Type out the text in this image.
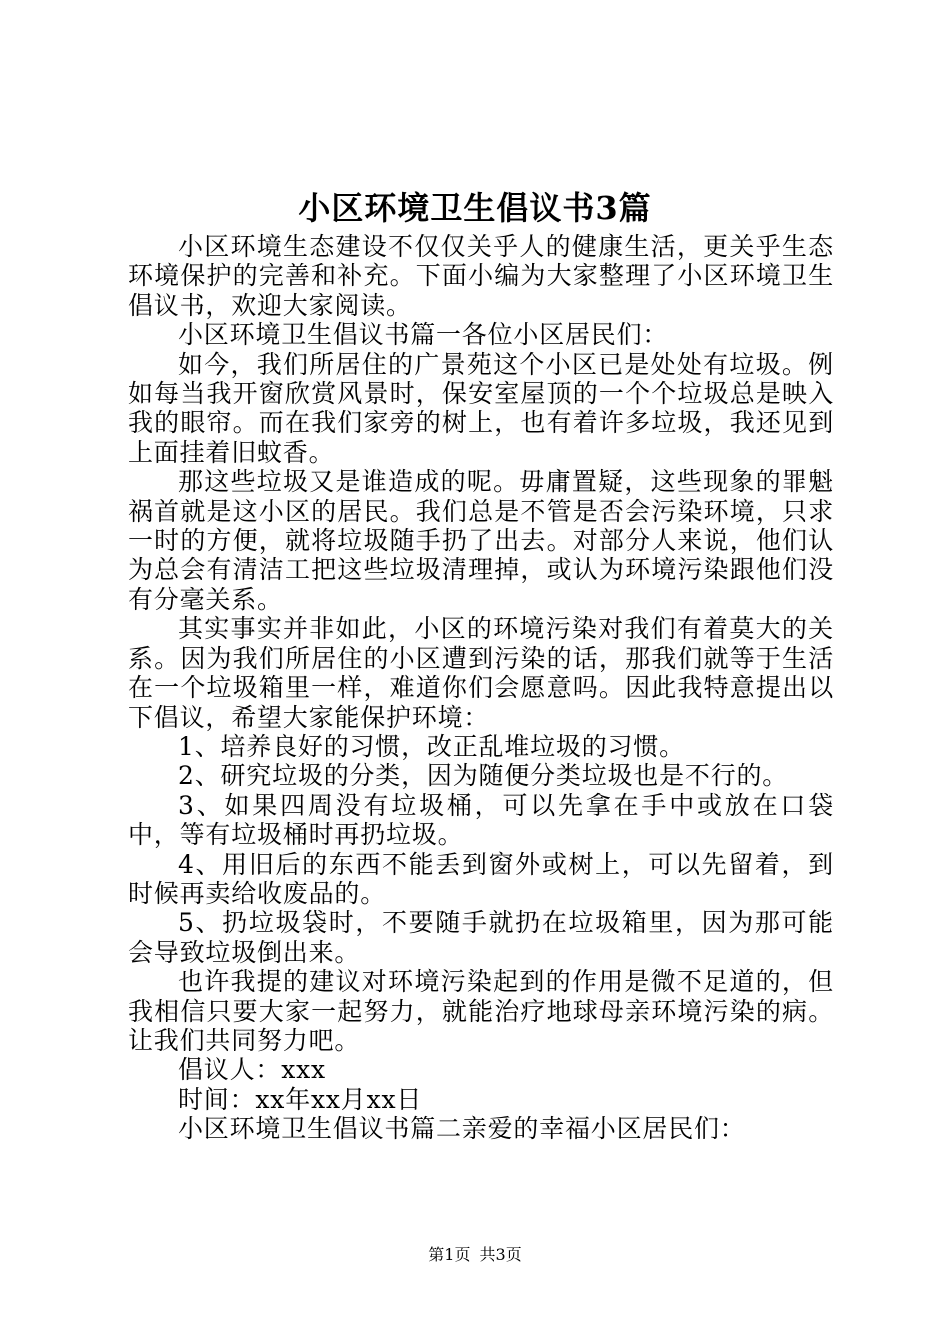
小区环境卫生倡议书3篇

小区环境生态建设不仅仅关乎人的健康生活，更关乎生态环境保护的完善和补充。下面小编为大家整理了小区环境卫生倡议书，欢迎大家阅读。

小区环境卫生倡议书篇一各位小区居民们：

如今，我们所居住的广景苑这个小区已是处处有垃圾。例如每当我开窗欣赏风景时，保安室屋顶的一个个垃圾总是映入我的眼帘。而在我们家旁的树上，也有着许多垃圾，我还见到上面挂着旧蚊香。

那这些垃圾又是谁造成的呢。毋庸置疑，这些现象的罪魁祸首就是这小区的居民。我们总是不管是否会污染环境，只求一时的方便，就将垃圾随手扔了出去。对部分人来说，他们认为总会有清洁工把这些垃圾清理掉，或认为环境污染跟他们没有分毫关系。

其实事实并非如此，小区的环境污染对我们有着莫大的关系。因为我们所居住的小区遭到污染的话，那我们就等于生活在一个垃圾箱里一样，难道你们会愿意吗。因此我特意提出以下倡议，希望大家能保护环境：

1、培养良好的习惯，改正乱堆垃圾的习惯。

2、研究垃圾的分类，因为随便分类垃圾也是不行的。

3、如果四周没有垃圾桶，可以先拿在手中或放在口袋中，等有垃圾桶时再扔垃圾。

4、用旧后的东西不能丢到窗外或树上，可以先留着，到时候再卖给收废品的。

5、扔垃圾袋时，不要随手就扔在垃圾箱里，因为那可能会导致垃圾倒出来。

也许我提的建议对环境污染起到的作用是微不足道的，但我相信只要大家一起努力，就能治疗地球母亲环境污染的病。让我们共同努力吧。

倡议人：xxx

时间：xx年xx月xx日

小区环境卫生倡议书篇二亲爱的幸福小区居民们：

第1页 共3页
